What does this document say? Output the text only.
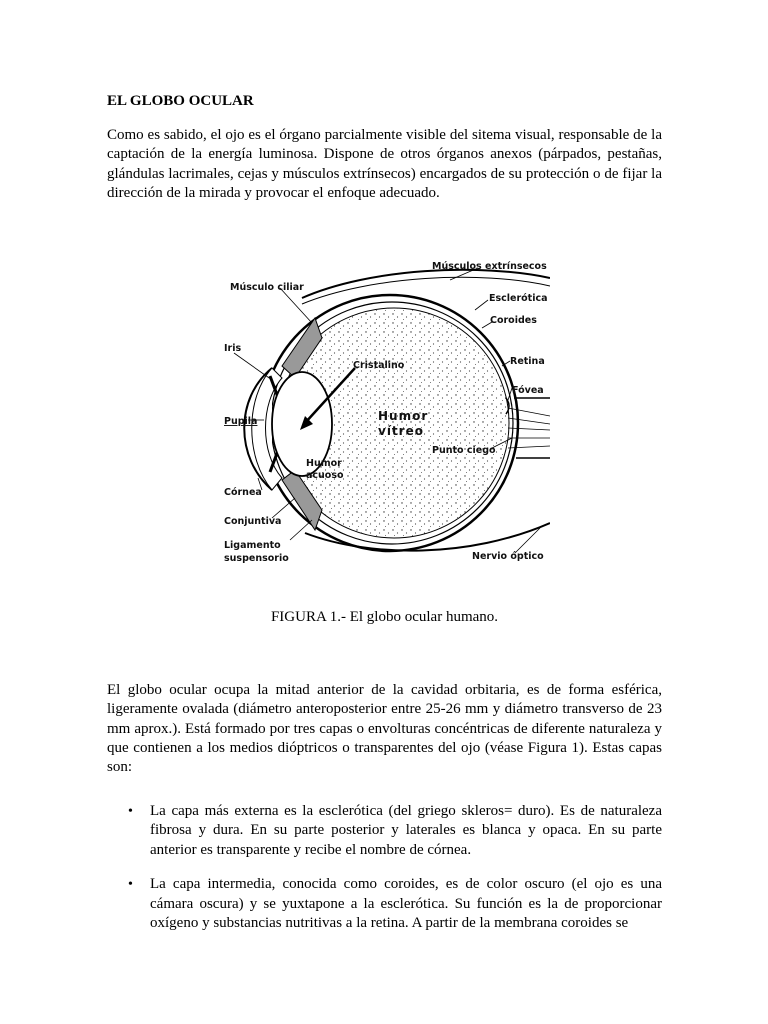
EL GLOBO OCULAR

Como es sabido, el ojo es el órgano parcialmente visible del sitema visual, responsable de la captación de la energía luminosa. Dispone de otros órganos anexos (párpados, pestañas, glándulas lacrimales, cejas y músculos extrínsecos) encargados de su protección o de fijar la dirección de la mirada y provocar el enfoque adecuado.

Músculos extrínsecos
Músculo ciliar
Esclerótica
Coroides
Iris
Cristalino	Retina
Fóvea
Pupila	Humor
vítreo
Punto ciego
Humor
acuoso
Córnea
Conjuntiva
Ligamento
suspensorio	Nervio óptico
FIGURA 1.- El globo ocular humano.

El globo ocular ocupa la mitad anterior de la cavidad orbitaria, es de forma esférica, ligeramente ovalada (diámetro anteroposterior entre 25-26 mm y diámetro transverso de 23 mm aprox.). Está formado por tres capas o envolturas concéntricas de diferente naturaleza y que contienen a los medios dióptricos o transparentes del ojo (véase Figura 1). Estas capas son:

• La capa más externa es la esclerótica (del griego skleros= duro). Es de naturaleza fibrosa y dura. En su parte posterior y laterales es blanca y opaca. En su parte anterior es transparente y recibe el nombre de córnea.
• La capa intermedia, conocida como coroides, es de color oscuro (el ojo es una cámara oscura) y se yuxtapone a la esclerótica. Su función es la de proporcionar oxígeno y substancias nutritivas a la retina. A partir de la membrana coroides se
